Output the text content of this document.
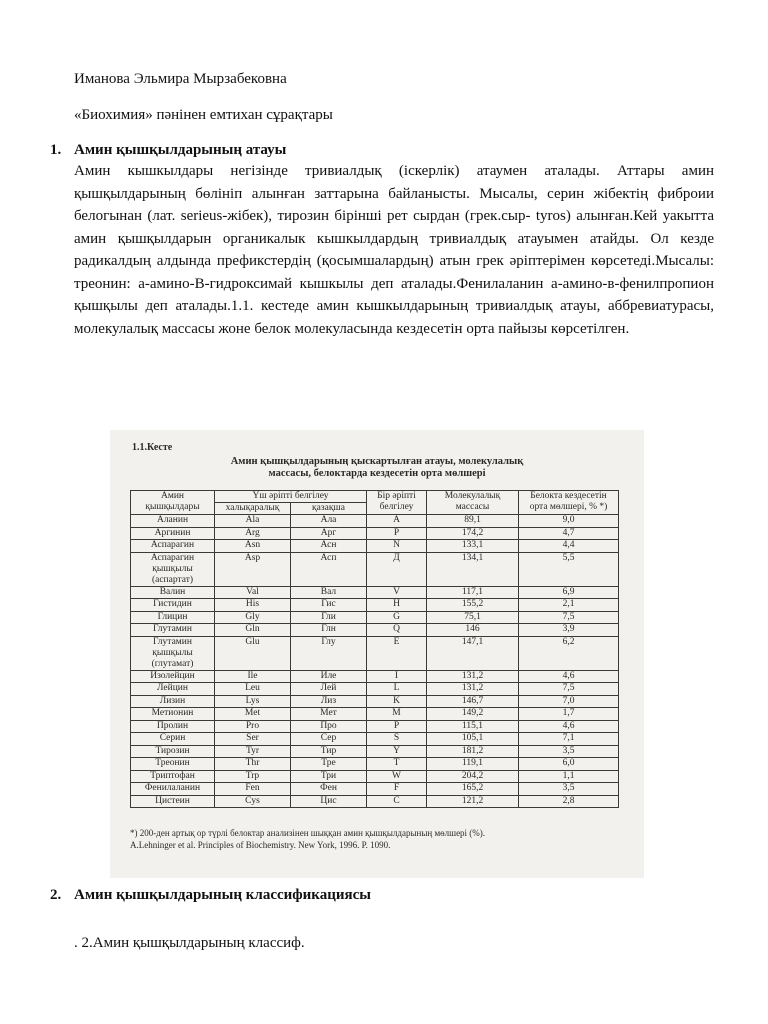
Иманова Эльмира Мырзабековна
«Биохимия» пәнінен емтихан сұрақтары
1. Амин қышқылдарының атауы
Амин кышкылдары негізінде тривиалдық (іскерлік) атаумен аталады. Аттары амин қышқылдарының бөлініп алынған заттарына байланысты. Мысалы, серин жібектің фиброии белогынан (лат. serieus-жібек), тирозин бірінші рет сырдан (грек.сыр- tyros) алынған.Кей уакытта амин қышқылдарын органикалык кышкылдардың тривиалдық атауымен атайды. Ол кезде радикалдың алдында префикстердің (қосымшалардың) атын грек әріптерімен көрсетеді.Мысалы: треонин: а-амино-В-гидроксимай кышкылы деп аталады.Фенилаланин а-амино-в-фенилпропион қышқылы деп аталады.1.1. кестеде амин кышкылдарының тривиалдық атауы, аббревиатурасы, молекулалық массасы жоне белок молекуласында кездесетін орта пайызы көрсетілген.
1.1.Кесте
Амин қышқылдарының қыскартылған атауы, молекулалық
массасы, белоктарда кездесетін орта мөлшері
Амин қышқылдары	Үш әріпті белгілеу		Бір әріпті белгілеу	Молекулалық массасы	Белокта кездесетін орта мөлшері, % *)
	халықаралық	қазақша			
Аланин	Ala	Ала	A	89,1	9,0
Аргинин	Arg	Арг	P	174,2	4,7
Аспарагин	Asn	Асн	N	133,1	4,4
Аспарагин қышқылы (аспартат)	Asp	Асп	Д	134,1	5,5
Валин	Val	Вал	V	117,1	6,9
Гистидин	His	Гис	H	155,2	2,1
Глицин	Gly	Гли	G	75,1	7,5
Глутамин	Gln	Глн	Q	146	3,9
Глутамин қышқылы (глутамат)	Glu	Глу	E	147,1	6,2
Изолейцин	Ile	Иле	I	131,2	4,6
Лейцин	Leu	Лей	L	131,2	7,5
Лизин	Lys	Лиз	K	146,7	7,0
Метионин	Met	Мет	M	149,2	1,7
Пролин	Pro	Про	P	115,1	4,6
Серин	Ser	Сер	S	105,1	7,1
Тирозин	Tyr	Тир	Y	181,2	3,5
Треонин	Thr	Тре	T	119,1	6,0
Триптофан	Trp	Три	W	204,2	1,1
Фенилаланин	Fen	Фен	F	165,2	3,5
Цистеин	Cys	Цис	C	121,2	2,8
*) 200-ден артық ор түрлі белоктар анализінен шыққан амин қышқылдарының мөлшері (%).
A.Lehninger et al. Principles of Biochemistry. New York, 1996. P. 1090.
2. Амин қышқылдарының классификациясы
. 2.Амин қышқылдарының классиф.
